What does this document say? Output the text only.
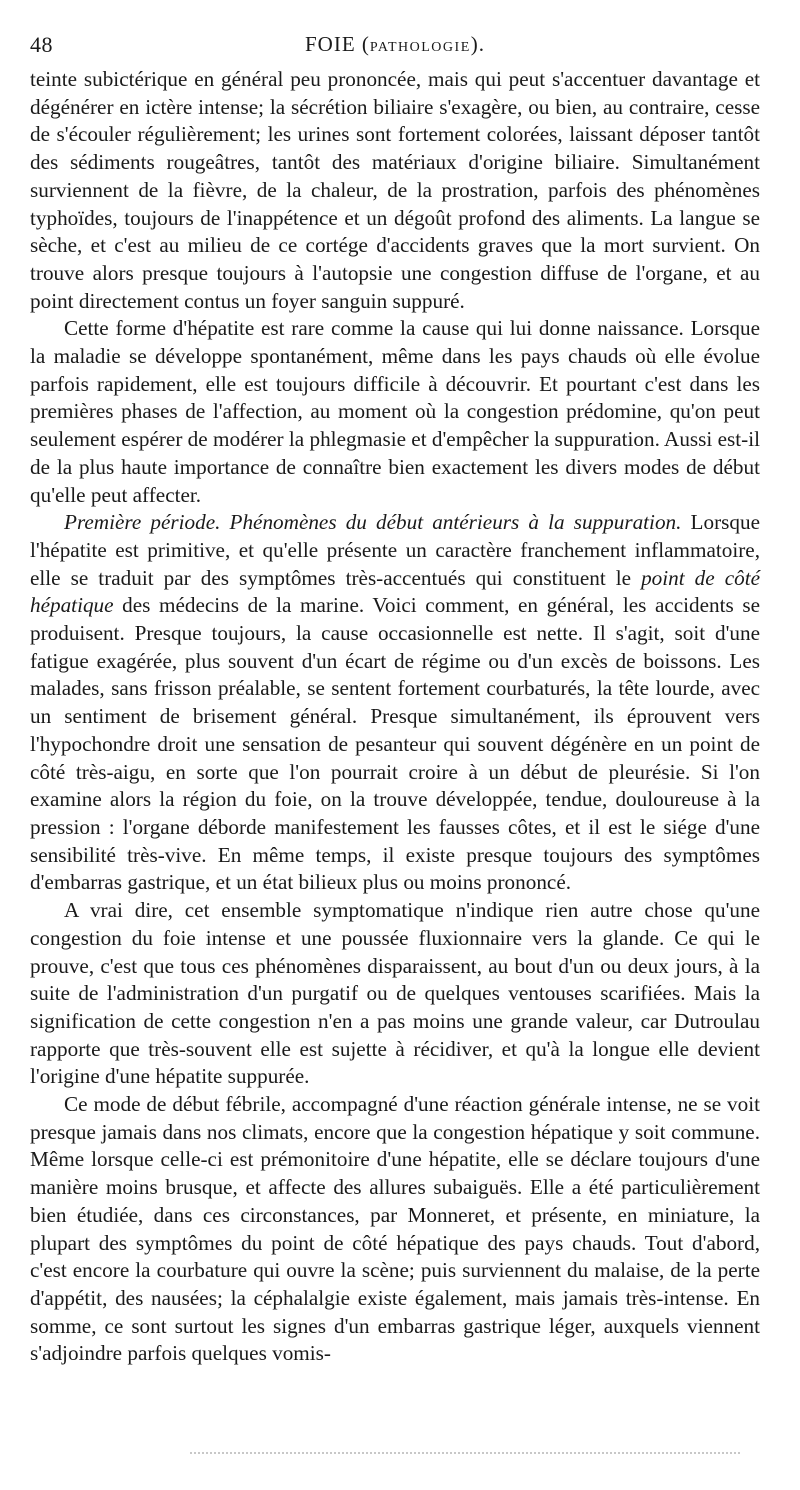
48	FOIE (PATHOLOGIE).

teinte subictérique en général peu prononcée, mais qui peut s'accentuer davantage et dégénérer en ictère intense; la sécrétion biliaire s'exagère, ou bien, au contraire, cesse de s'écouler régulièrement; les urines sont fortement colorées, laissant déposer tantôt des sédiments rougeâtres, tantôt des matériaux d'origine biliaire. Simultanément surviennent de la fièvre, de la chaleur, de la prostration, parfois des phénomènes typhoïdes, toujours de l'inappétence et un dégoût profond des aliments. La langue se sèche, et c'est au milieu de ce cortége d'accidents graves que la mort survient. On trouve alors presque toujours à l'autopsie une congestion diffuse de l'organe, et au point directement contus un foyer sanguin suppuré.

Cette forme d'hépatite est rare comme la cause qui lui donne naissance. Lorsque la maladie se développe spontanément, même dans les pays chauds où elle évolue parfois rapidement, elle est toujours difficile à découvrir. Et pourtant c'est dans les premières phases de l'affection, au moment où la congestion prédomine, qu'on peut seulement espérer de modérer la phlegmasie et d'empêcher la suppuration. Aussi est-il de la plus haute importance de connaître bien exactement les divers modes de début qu'elle peut affecter.

Première période. Phénomènes du début antérieurs à la suppuration. Lorsque l'hépatite est primitive, et qu'elle présente un caractère franchement inflammatoire, elle se traduit par des symptômes très-accentués qui constituent le point de côté hépatique des médecins de la marine. Voici comment, en général, les accidents se produisent. Presque toujours, la cause occasionnelle est nette. Il s'agit, soit d'une fatigue exagérée, plus souvent d'un écart de régime ou d'un excès de boissons. Les malades, sans frisson préalable, se sentent fortement courbaturés, la tête lourde, avec un sentiment de brisement général. Presque simultanément, ils éprouvent vers l'hypochondre droit une sensation de pesanteur qui souvent dégénère en un point de côté très-aigu, en sorte que l'on pourrait croire à un début de pleurésie. Si l'on examine alors la région du foie, on la trouve développée, tendue, douloureuse à la pression : l'organe déborde manifestement les fausses côtes, et il est le siége d'une sensibilité très-vive. En même temps, il existe presque toujours des symptômes d'embarras gastrique, et un état bilieux plus ou moins prononcé.

A vrai dire, cet ensemble symptomatique n'indique rien autre chose qu'une congestion du foie intense et une poussée fluxionnaire vers la glande. Ce qui le prouve, c'est que tous ces phénomènes disparaissent, au bout d'un ou deux jours, à la suite de l'administration d'un purgatif ou de quelques ventouses scarifiées. Mais la signification de cette congestion n'en a pas moins une grande valeur, car Dutroulau rapporte que très-souvent elle est sujette à récidiver, et qu'à la longue elle devient l'origine d'une hépatite suppurée.

Ce mode de début fébrile, accompagné d'une réaction générale intense, ne se voit presque jamais dans nos climats, encore que la congestion hépatique y soit commune. Même lorsque celle-ci est prémonitoire d'une hépatite, elle se déclare toujours d'une manière moins brusque, et affecte des allures subaiguës. Elle a été particulièrement bien étudiée, dans ces circonstances, par Monneret, et présente, en miniature, la plupart des symptômes du point de côté hépatique des pays chauds. Tout d'abord, c'est encore la courbature qui ouvre la scène; puis surviennent du malaise, de la perte d'appétit, des nausées; la céphalalgie existe également, mais jamais très-intense. En somme, ce sont surtout les signes d'un embarras gastrique léger, auxquels viennent s'adjoindre parfois quelques vomis-
